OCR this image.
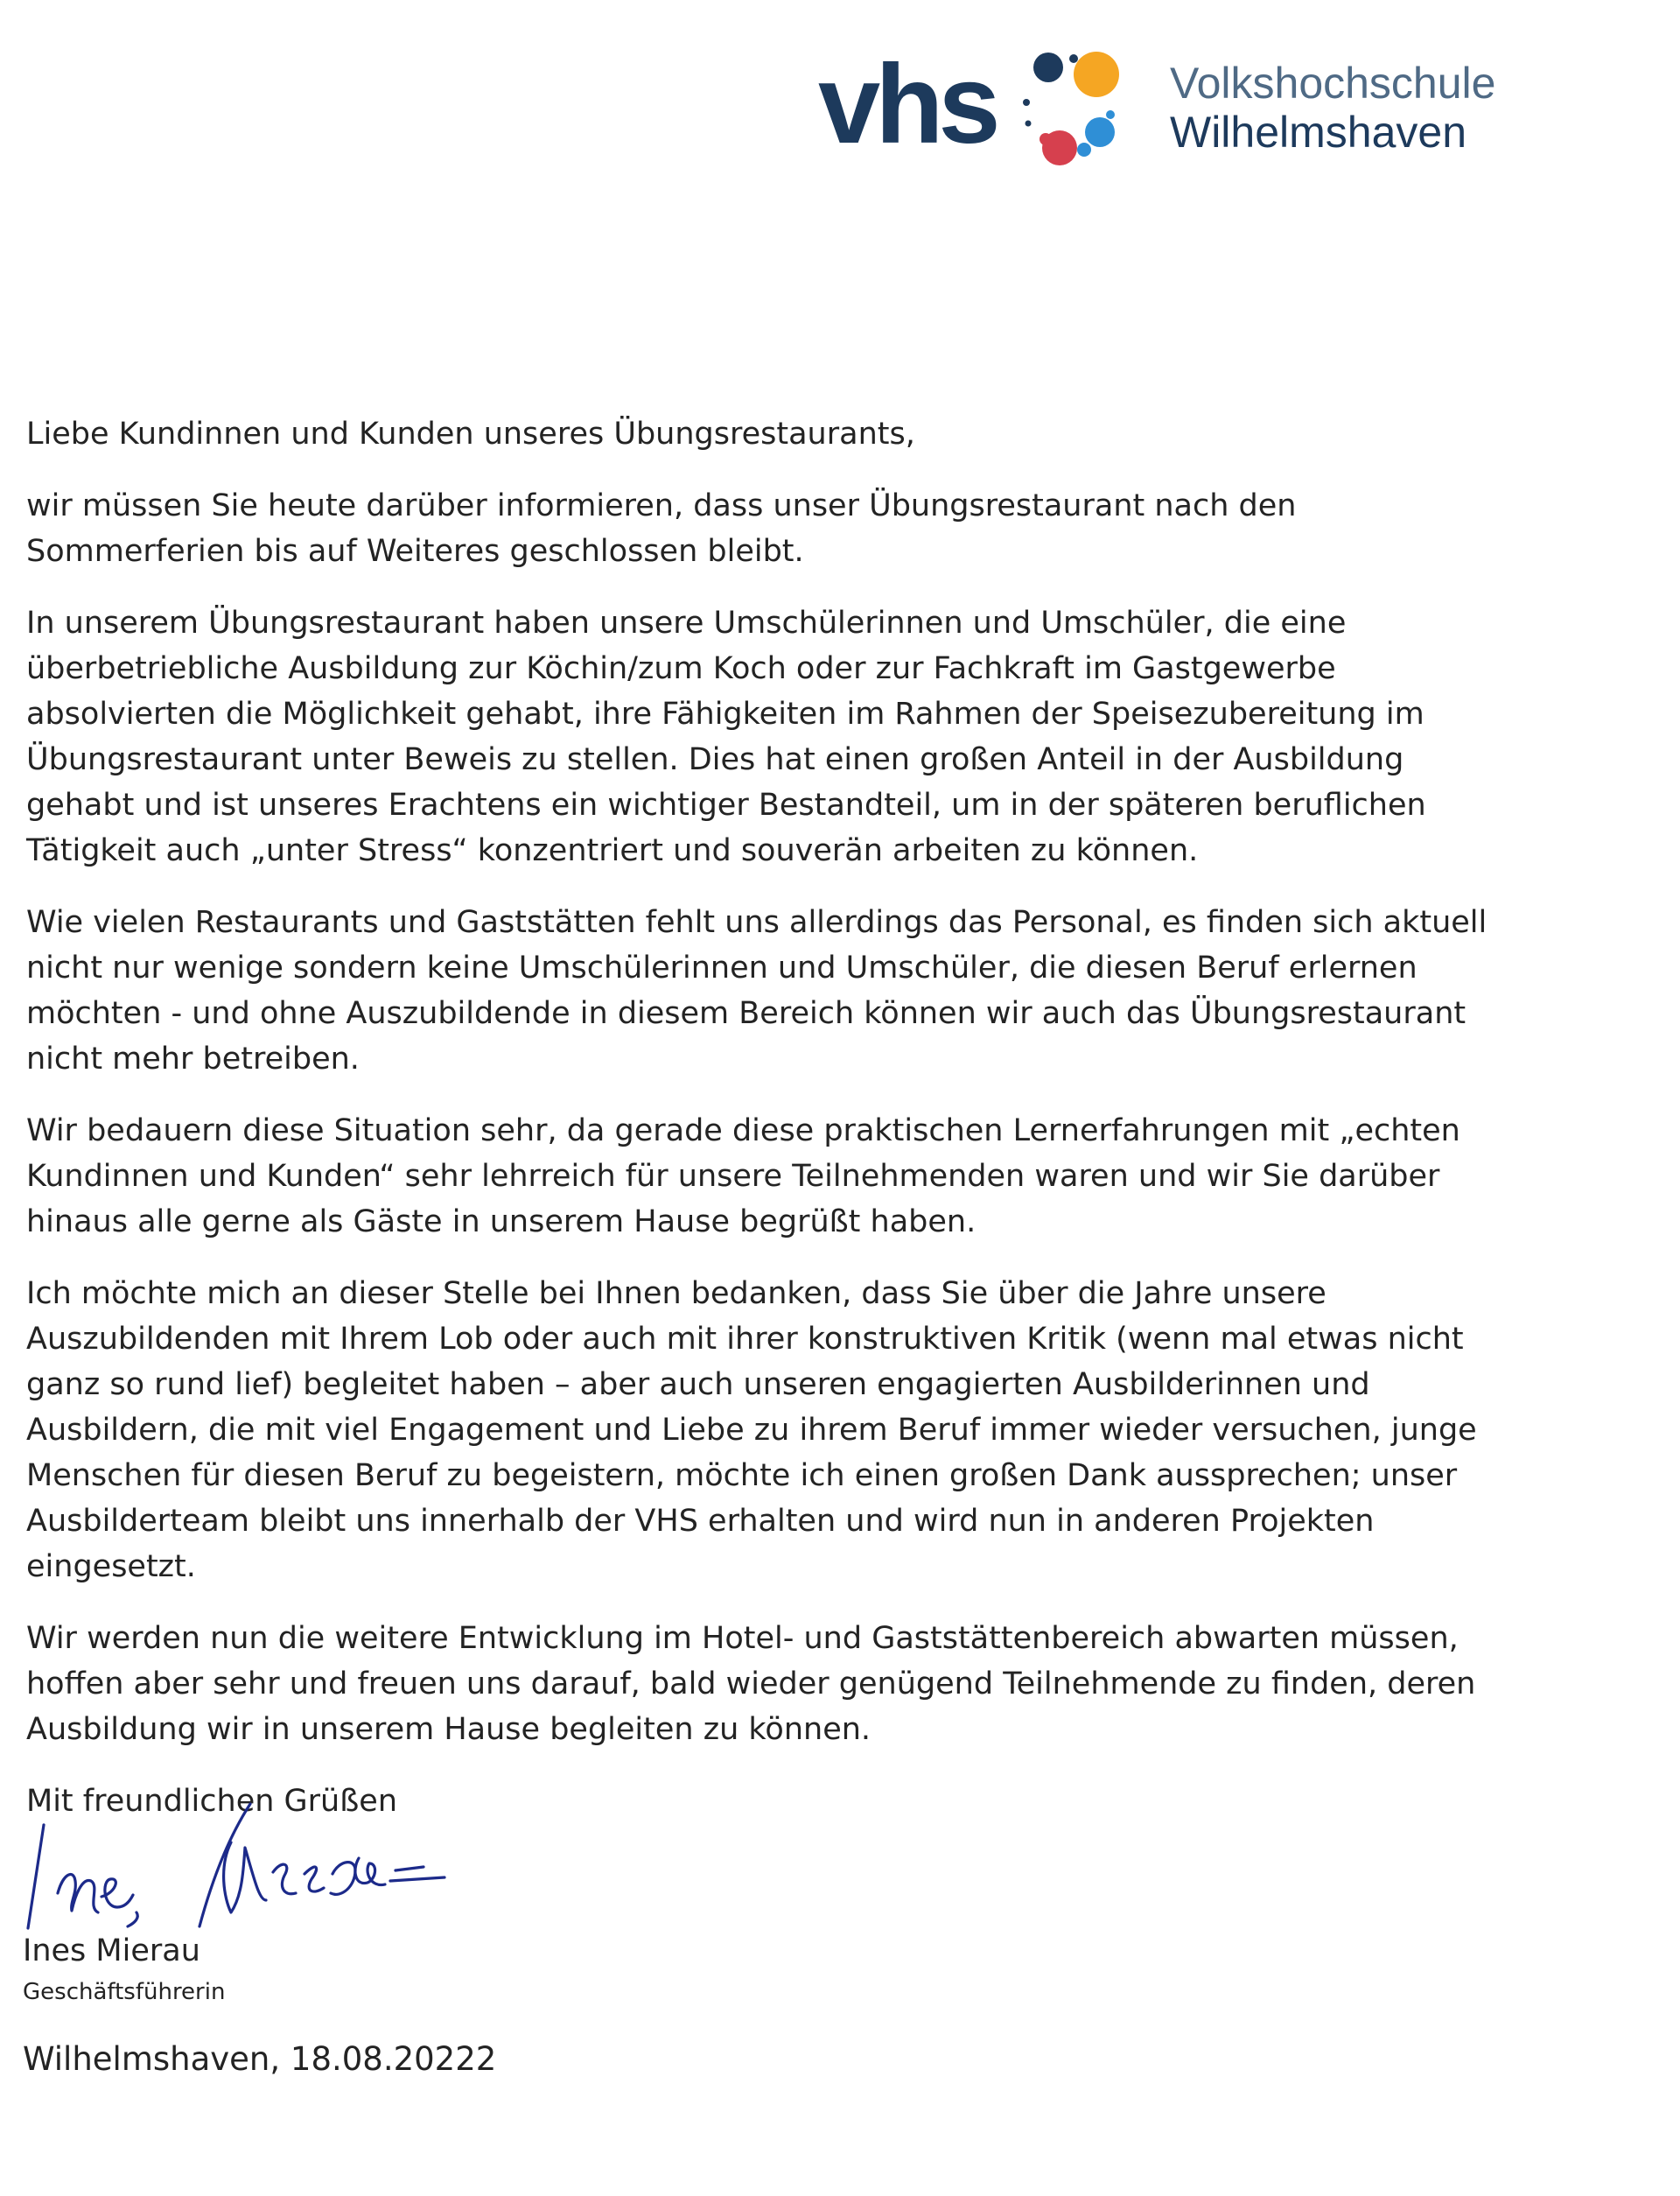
vhs	Volkshochschule
Wilhelmshaven

Liebe Kundinnen und Kunden unseres Übungsrestaurants,

wir müssen Sie heute darüber informieren, dass unser Übungsrestaurant nach den Sommerferien bis auf Weiteres geschlossen bleibt.

In unserem Übungsrestaurant haben unsere Umschülerinnen und Umschüler, die eine überbetriebliche Ausbildung zur Köchin/zum Koch oder zur Fachkraft im Gastgewerbe absolvierten die Möglichkeit gehabt, ihre Fähigkeiten im Rahmen der Speisezubereitung im Übungsrestaurant unter Beweis zu stellen. Dies hat einen großen Anteil in der Ausbildung gehabt und ist unseres Erachtens ein wichtiger Bestandteil, um in der späteren beruflichen Tätigkeit auch „unter Stress“ konzentriert und souverän arbeiten zu können.

Wie vielen Restaurants und Gaststätten fehlt uns allerdings das Personal, es finden sich aktuell nicht nur wenige sondern keine Umschülerinnen und Umschüler, die diesen Beruf erlernen möchten - und ohne Auszubildende in diesem Bereich können wir auch das Übungsrestaurant nicht mehr betreiben.

Wir bedauern diese Situation sehr, da gerade diese praktischen Lernerfahrungen mit „echten Kundinnen und Kunden“ sehr lehrreich für unsere Teilnehmenden waren und wir Sie darüber hinaus alle gerne als Gäste in unserem Hause begrüßt haben.

Ich möchte mich an dieser Stelle bei Ihnen bedanken, dass Sie über die Jahre unsere Auszubildenden mit Ihrem Lob oder auch mit ihrer konstruktiven Kritik (wenn mal etwas nicht ganz so rund lief) begleitet haben – aber auch unseren engagierten Ausbilderinnen und Ausbildern, die mit viel Engagement und Liebe zu ihrem Beruf immer wieder versuchen, junge Menschen für diesen Beruf zu begeistern, möchte ich einen großen Dank aussprechen; unser Ausbilderteam bleibt uns innerhalb der VHS erhalten und wird nun in anderen Projekten eingesetzt.

Wir werden nun die weitere Entwicklung im Hotel- und Gaststättenbereich abwarten müssen, hoffen aber sehr und freuen uns darauf, bald wieder genügend Teilnehmende zu finden, deren Ausbildung wir in unserem Hause begleiten zu können.

Mit freundlichen Grüßen

Ines Mierau
Geschäftsführerin
Wilhelmshaven, 18.08.20222
